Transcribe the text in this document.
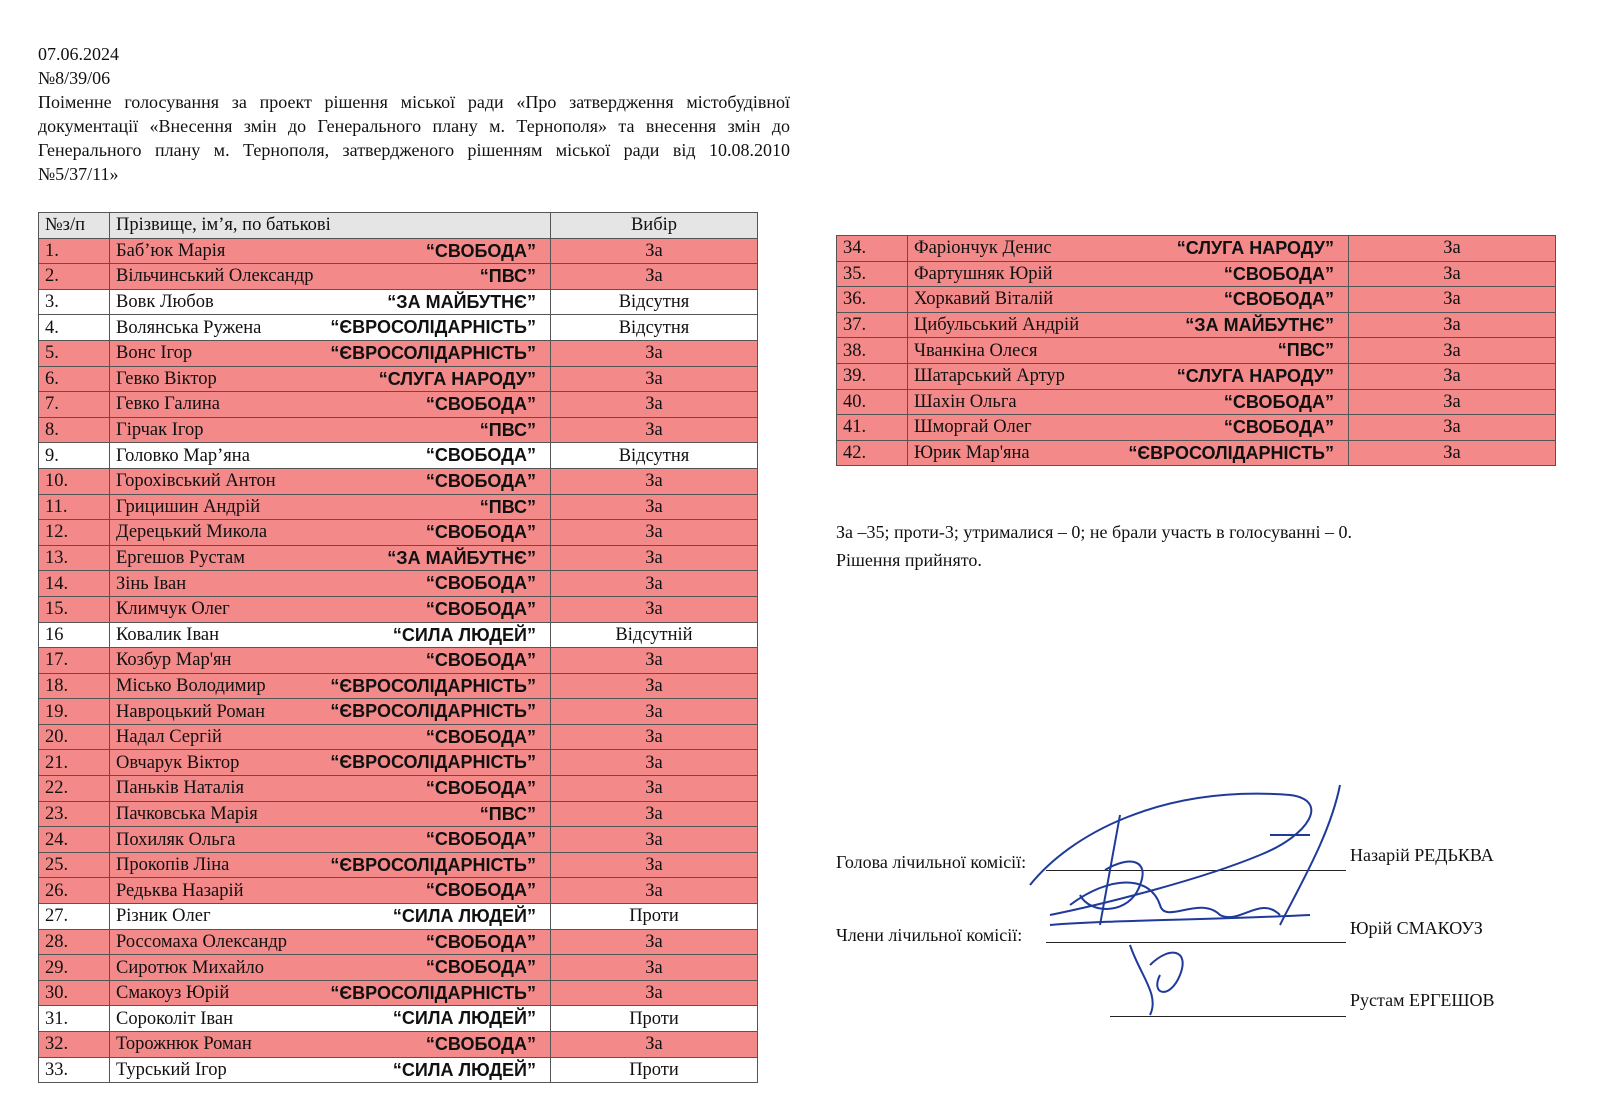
07.06.2024
№8/39/06
Поіменне голосування за проект рішення міської ради «Про затвердження містобудівної документації «Внесення змін до Генерального плану м. Тернополя» та внесення змін до Генерального плану м. Тернополя, затвердженого рішенням міської ради від 10.08.2010 №5/37/11»
№з/п	Прізвище, ім’я, по батькові	Вибір
1.	Баб’юк Марія “СВОБОДА”	За
2.	Вільчинський Олександр “ПВС”	За
3.	Вовк Любов “ЗА МАЙБУТНЄ”	Відсутня
4.	Волянська Ружена “ЄВРОСОЛІДАРНІСТЬ”	Відсутня
5.	Вонс Ігор “ЄВРОСОЛІДАРНІСТЬ”	За
6.	Гевко Віктор “СЛУГА НАРОДУ”	За
7.	Гевко Галина “СВОБОДА”	За
8.	Гірчак Ігор “ПВС”	За
9.	Головко Мар’яна “СВОБОДА”	Відсутня
10.	Горохівський Антон “СВОБОДА”	За
11.	Грицишин Андрій “ПВС”	За
12.	Дерецький Микола “СВОБОДА”	За
13.	Ергешов Рустам “ЗА МАЙБУТНЄ”	За
14.	Зінь Іван “СВОБОДА”	За
15.	Климчук Олег “СВОБОДА”	За
16	Ковалик Іван “СИЛА ЛЮДЕЙ”	Відсутній
17.	Козбур Мар'ян “СВОБОДА”	За
18.	Місько Володимир “ЄВРОСОЛІДАРНІСТЬ”	За
19.	Навроцький Роман “ЄВРОСОЛІДАРНІСТЬ”	За
20.	Надал Сергій “СВОБОДА”	За
21.	Овчарук Віктор “ЄВРОСОЛІДАРНІСТЬ”	За
22.	Паньків Наталія “СВОБОДА”	За
23.	Пачковська Марія “ПВС”	За
24.	Похиляк Ольга “СВОБОДА”	За
25.	Прокопів Ліна “ЄВРОСОЛІДАРНІСТЬ”	За
26.	Редьква Назарій “СВОБОДА”	За
27.	Різник Олег “СИЛА ЛЮДЕЙ”	Проти
28.	Россомаха Олександр “СВОБОДА”	За
29.	Сиротюк Михайло “СВОБОДА”	За
30.	Смакоуз Юрій “ЄВРОСОЛІДАРНІСТЬ”	За
31.	Сороколіт Іван “СИЛА ЛЮДЕЙ”	Проти
32.	Торожнюк Роман “СВОБОДА”	За
33.	Турський Ігор “СИЛА ЛЮДЕЙ”	Проти
34.	Фаріончук Денис “СЛУГА НАРОДУ”	За
35.	Фартушняк Юрій “СВОБОДА”	За
36.	Хоркавий Віталій “СВОБОДА”	За
37.	Цибульський Андрій “ЗА МАЙБУТНЄ”	За
38.	Чванкіна Олеся “ПВС”	За
39.	Шатарський Артур “СЛУГА НАРОДУ”	За
40.	Шахін Ольга “СВОБОДА”	За
41.	Шморгай Олег “СВОБОДА”	За
42.	Юрик Мар'яна “ЄВРОСОЛІДАРНІСТЬ”	За
За –35; проти-3; утрималися – 0; не брали участь в голосуванні – 0.
Рішення прийнято.
Голова лічильної комісії:	Назарій РЕДЬКВА
Члени лічильної комісії:	Юрій СМАКОУЗ
Рустам ЕРГЕШОВ
